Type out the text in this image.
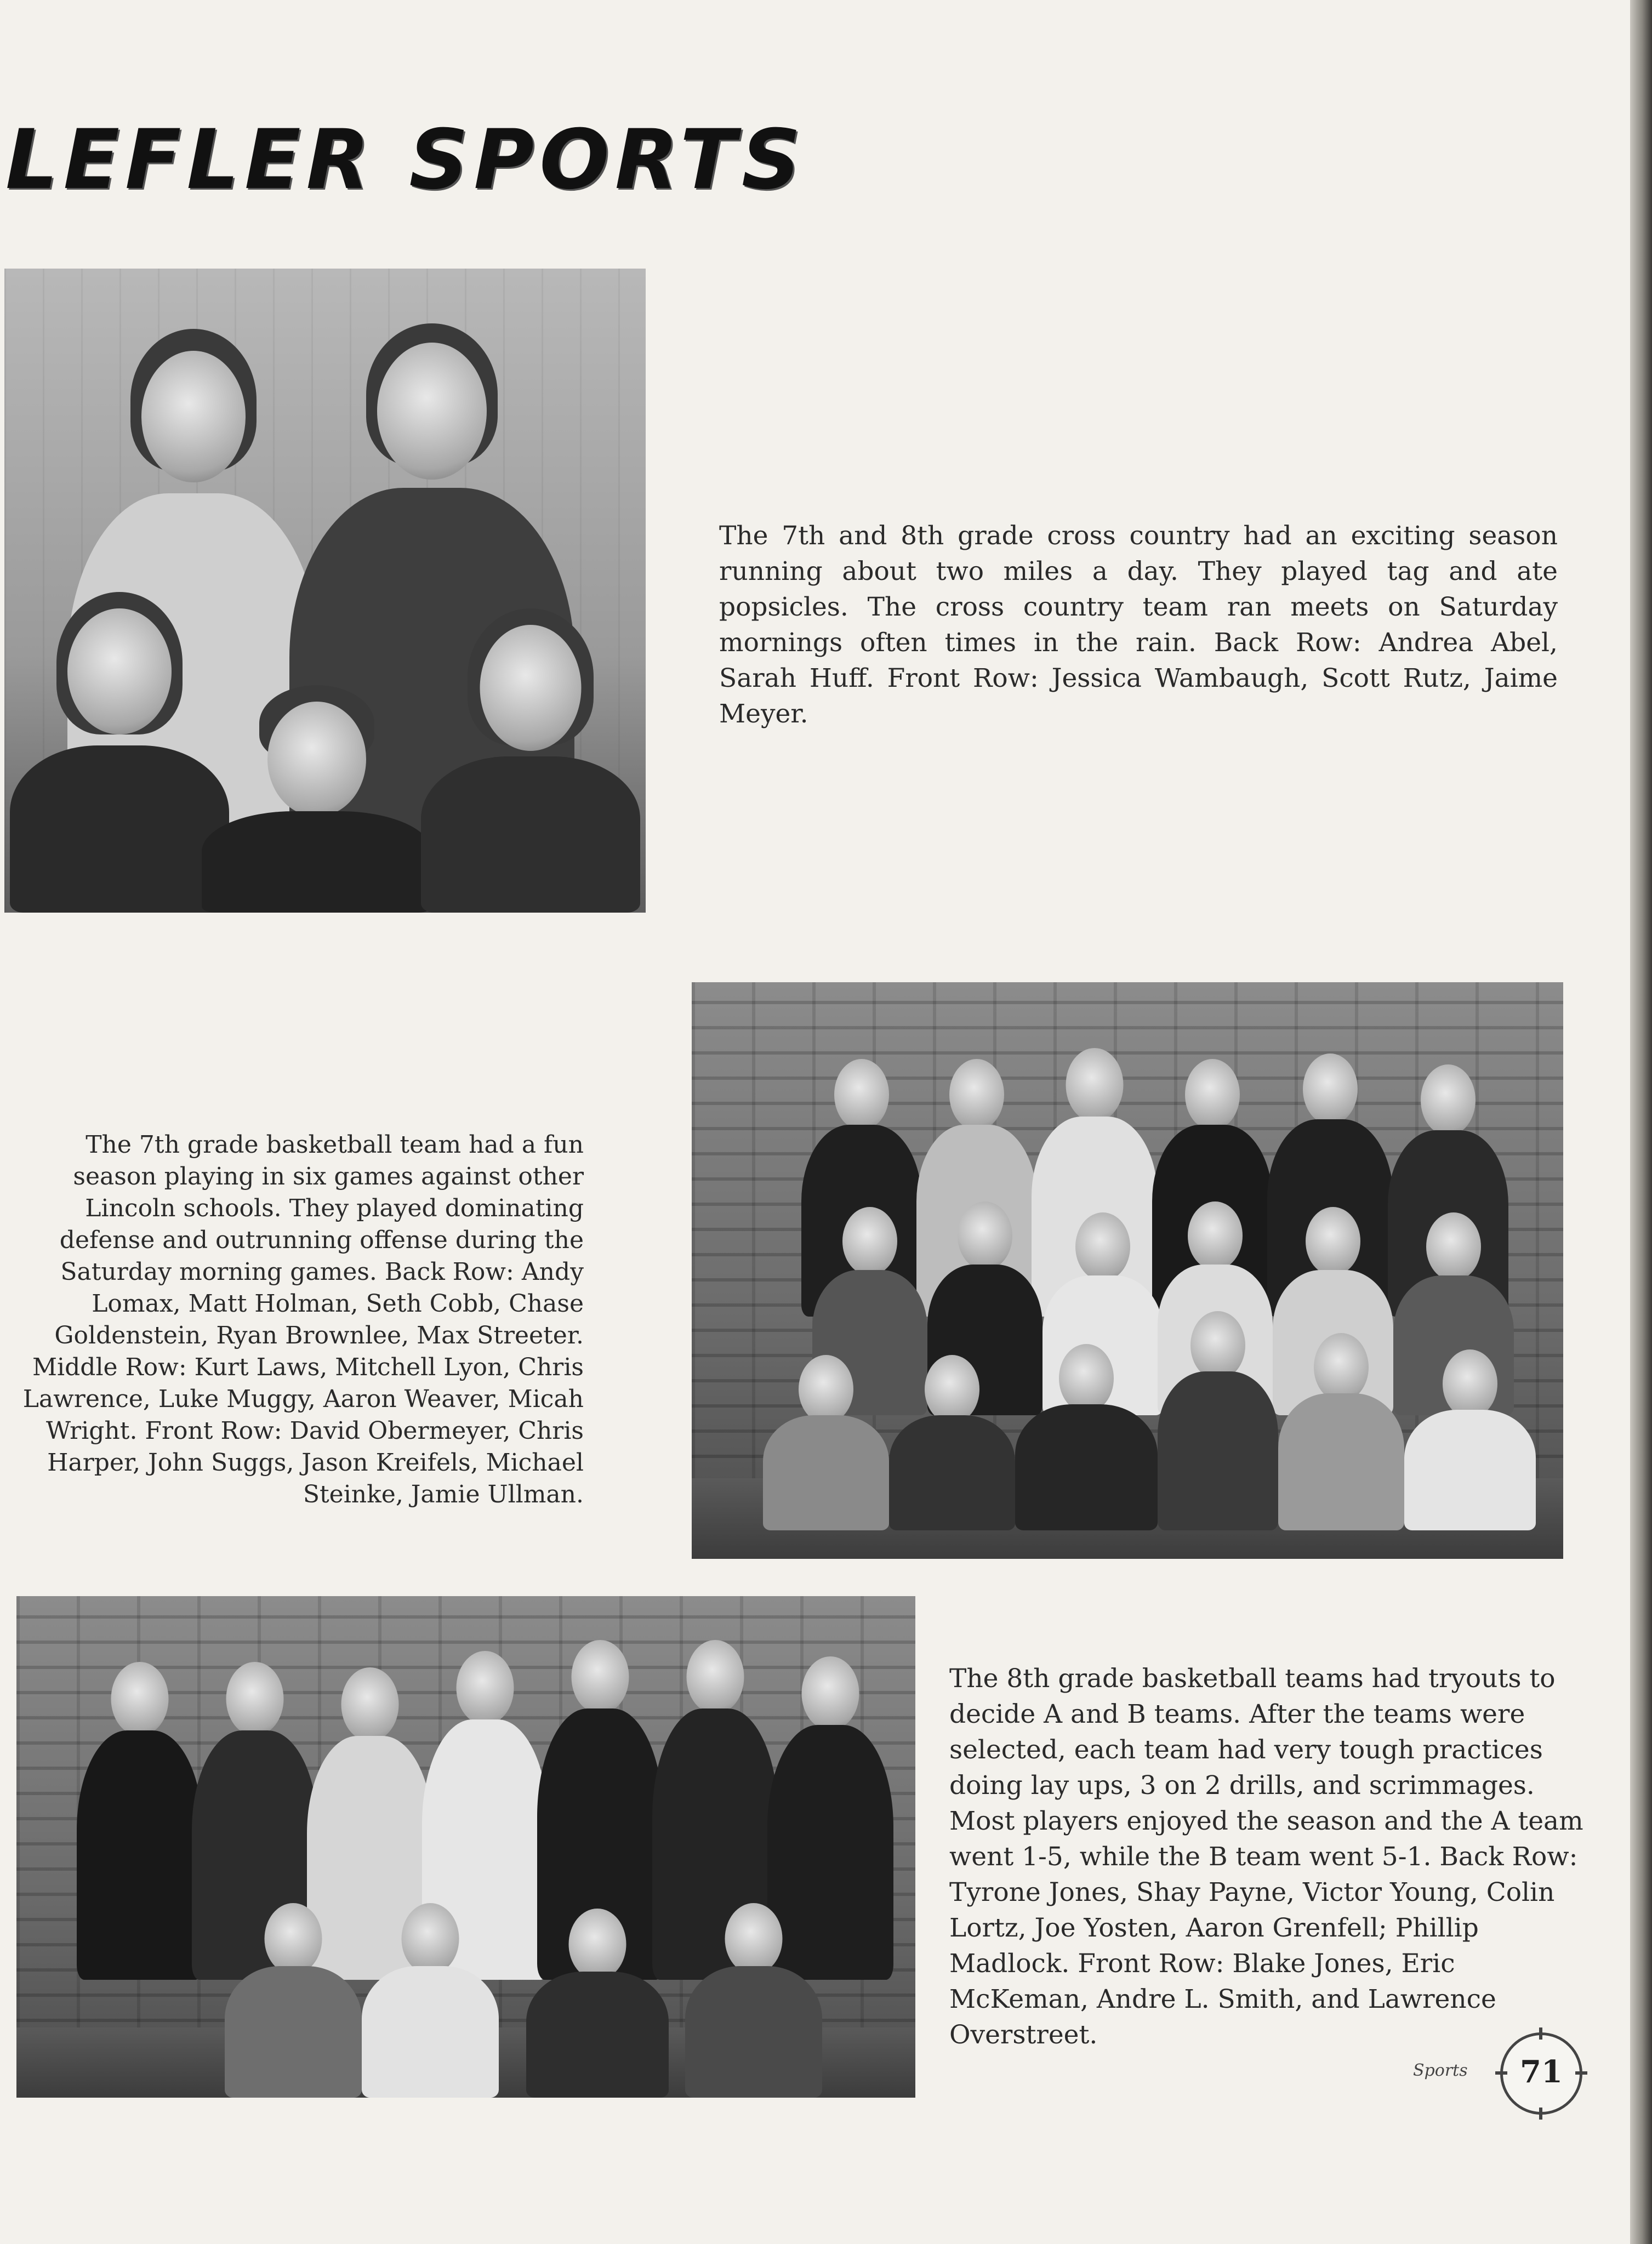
LEFLER SPORTS
The 7th and 8th grade cross country had an exciting season running about two miles a day. They played tag and ate popsicles. The cross country team ran meets on Saturday mornings often times in the rain. Back Row: Andrea Abel, Sarah Huff. Front Row: Jessica Wambaugh, Scott Rutz, Jaime Meyer.
The 7th grade basketball team had a fun season playing in six games against other Lincoln schools. They played dominating defense and outrunning offense during the Saturday morning games. Back Row: Andy Lomax, Matt Holman, Seth Cobb, Chase Goldenstein, Ryan Brownlee, Max Streeter. Middle Row: Kurt Laws, Mitchell Lyon, Chris Lawrence, Luke Muggy, Aaron Weaver, Micah Wright. Front Row: David Obermeyer, Chris Harper, John Suggs, Jason Kreifels, Michael Steinke, Jamie Ullman.
The 8th grade basketball teams had tryouts to decide A and B teams. After the teams were selected, each team had very tough practices doing lay ups, 3 on 2 drills, and scrimmages. Most players enjoyed the season and the A team went 1-5, while the B team went 5-1. Back Row: Tyrone Jones, Shay Payne, Victor Young, Colin Lortz, Joe Yosten, Aaron Grenfell; Phillip Madlock. Front Row: Blake Jones, Eric McKeman, Andre L. Smith, and Lawrence Overstreet.
Sports	71
